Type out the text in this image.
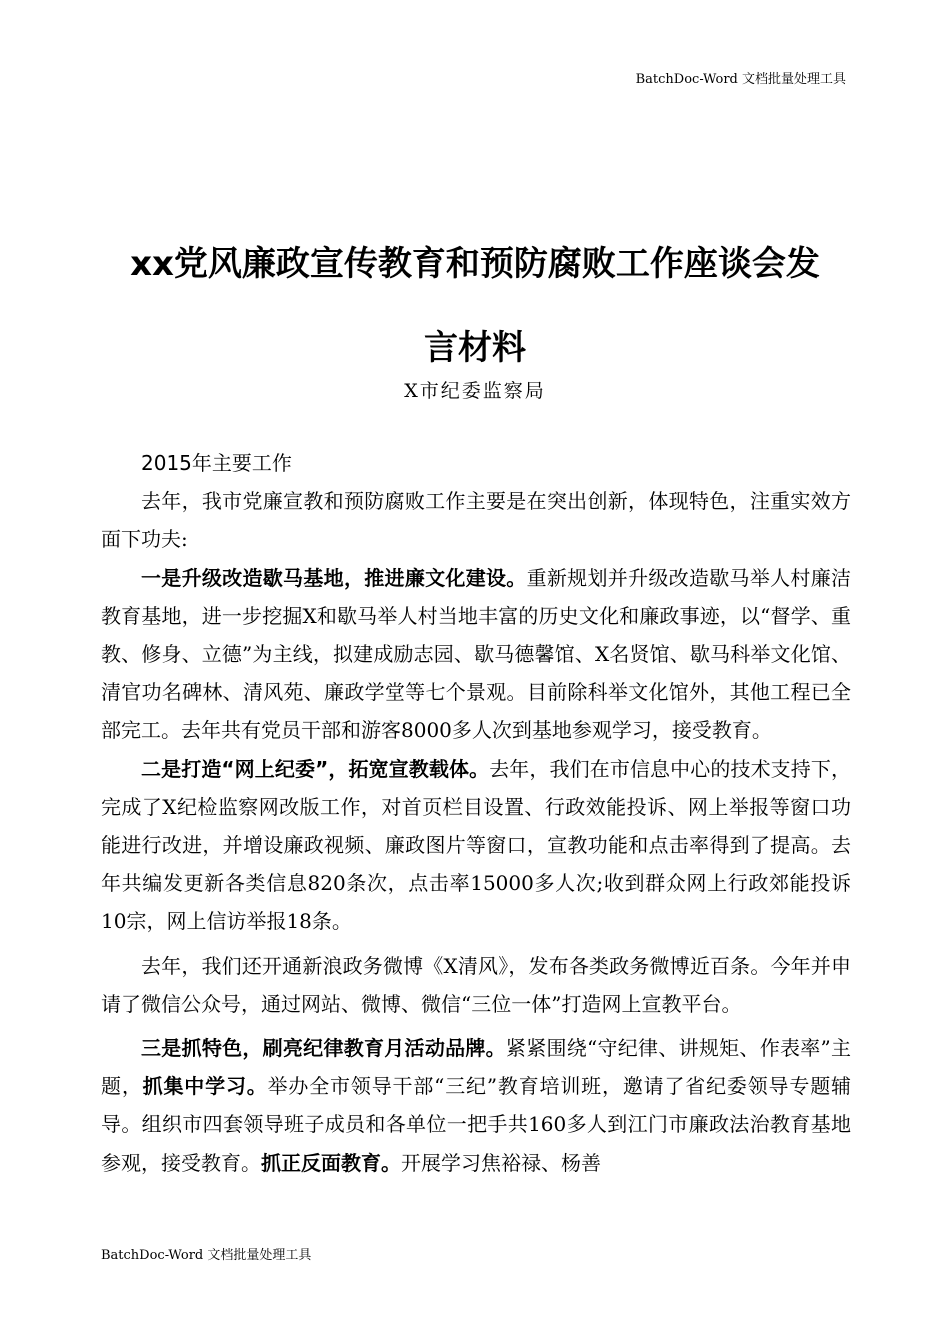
BatchDoc-Word 文档批量处理工具
xx党风廉政宣传教育和预防腐败工作座谈会发
言材料
X市纪委监察局

2015年主要工作

去年，我市党廉宣教和预防腐败工作主要是在突出创新，体现特色，注重实效方面下功夫:

一是升级改造歇马基地，推进廉文化建设。重新规划并升级改造歇马举人村廉洁教育基地，进一步挖掘X和歇马举人村当地丰富的历史文化和廉政事迹，以“督学、重教、修身、立德”为主线，拟建成励志园、歇马德馨馆、X名贤馆、歇马科举文化馆、清官功名碑林、清风苑、廉政学堂等七个景观。目前除科举文化馆外，其他工程已全部完工。去年共有党员干部和游客8000多人次到基地参观学习，接受教育。

二是打造“网上纪委”，拓宽宣教载体。去年，我们在市信息中心的技术支持下，完成了X纪检监察网改版工作，对首页栏目设置、行政效能投诉、网上举报等窗口功能进行改进，并增设廉政视频、廉政图片等窗口，宣教功能和点击率得到了提高。去年共编发更新各类信息820条次，点击率15000多人次;收到群众网上行政郊能投诉10宗，网上信访举报18条。

去年，我们还开通新浪政务微博《X清风》，发布各类政务微博近百条。今年并申请了微信公众号，通过网站、微博、微信“三位一体”打造网上宣教平台。

三是抓特色，刷亮纪律教育月活动品牌。紧紧围绕“守纪律、讲规矩、作表率”主题，抓集中学习。举办全市领导干部“三纪”教育培训班，邀请了省纪委领导专题辅导。组织市四套领导班子成员和各单位一把手共160多人到江门市廉政法治教育基地参观，接受教育。抓正反面教育。开展学习焦裕禄、杨善

BatchDoc-Word 文档批量处理工具
